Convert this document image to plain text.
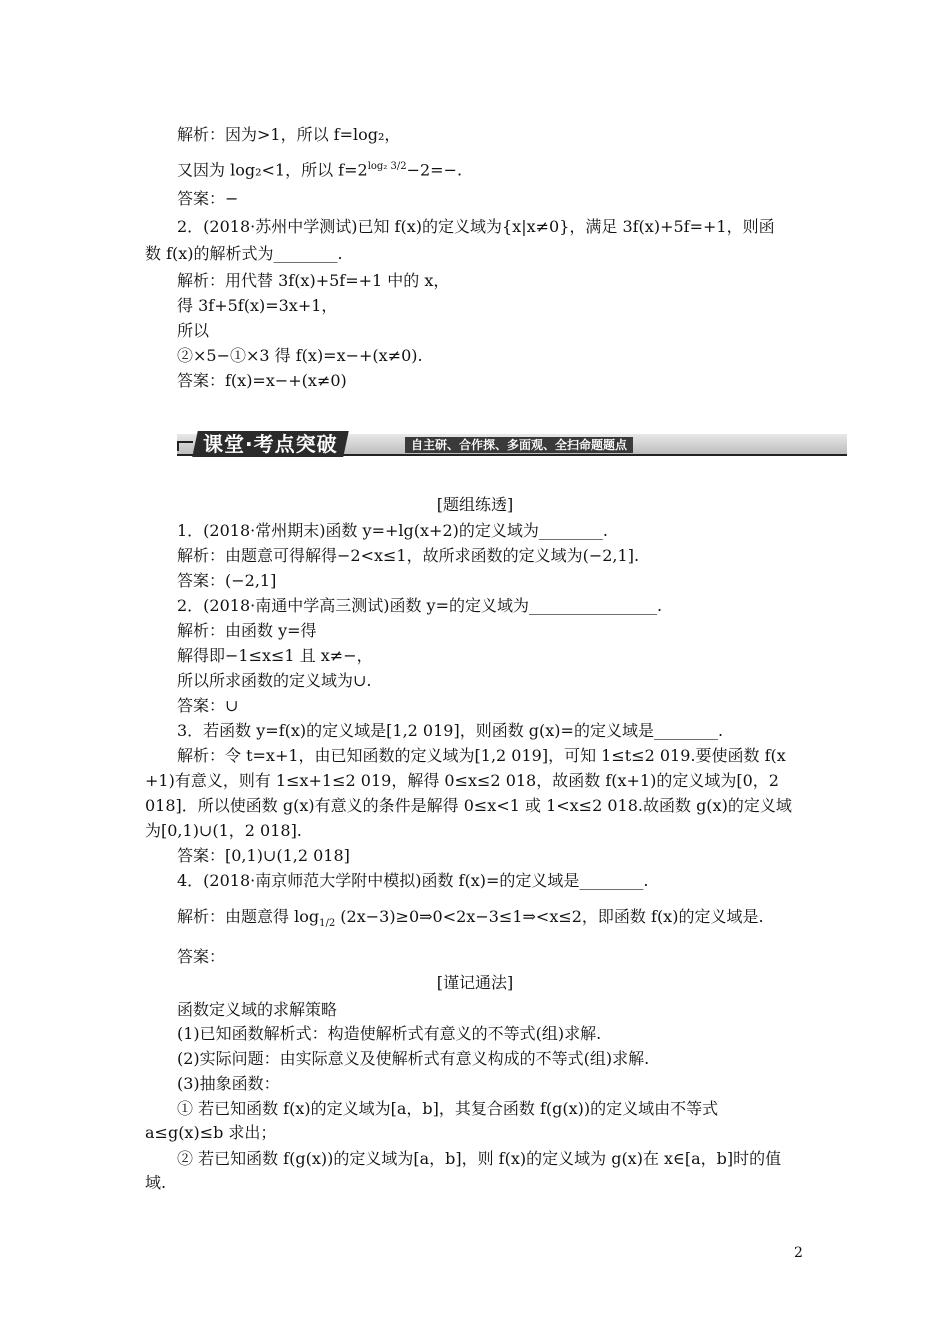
解析：因为>1，所以 f=log₂，
又因为 log₂<1，所以 $f=2^{log_2 3/2}-2=-$.
答案：−
2．(2018·苏州中学测试)已知 f(x)的定义域为{x|x≠0}，满足 3f(x)+5f=+1，则函
数 f(x)的解析式为________.
解析：用代替 3f(x)+5f=+1 中的 x，
得 3f+5f(x)=3x+1，
所以
②×5−①×3 得 f(x)=x−+(x≠0).
答案：f(x)=x−+(x≠0)
课堂·考点突破	自主研、合作探、多面观、全扫命题题点
[题组练透]
1．(2018·常州期末)函数 y=+lg(x+2)的定义域为________.
解析：由题意可得解得−2<x≤1，故所求函数的定义域为(−2,1].
答案：(−2,1]
2．(2018·南通中学高三测试)函数 y=的定义域为________________.
解析：由函数 y=得
解得即−1≤x≤1 且 x≠−，
所以所求函数的定义域为∪.
答案：∪
3．若函数 y=f(x)的定义域是[1,2 019]，则函数 g(x)=的定义域是________.
解析：令 t=x+1，由已知函数的定义域为[1,2 019]，可知 1≤t≤2 019.要使函数 f(x
+1)有意义，则有 1≤x+1≤2 019，解得 0≤x≤2 018，故函数 f(x+1)的定义域为[0，2
018]．所以使函数 g(x)有意义的条件是解得 0≤x<1 或 1<x≤2 018.故函数 g(x)的定义域
为[0,1)∪(1，2 018].
答案：[0,1)∪(1,2 018]
4．(2018·南京师范大学附中模拟)函数 f(x)=的定义域是________.
解析：由题意得 $\log_{1/2}$ (2x−3)≥0⇒0<2x−3≤1⇒<x≤2，即函数 f(x)的定义域是.
答案：
[谨记通法]
函数定义域的求解策略
(1)已知函数解析式：构造使解析式有意义的不等式(组)求解.
(2)实际问题：由实际意义及使解析式有意义构成的不等式(组)求解.
(3)抽象函数：
① 若已知函数 f(x)的定义域为[a，b]，其复合函数 f(g(x))的定义域由不等式
a≤g(x)≤b 求出；
② 若已知函数 f(g(x))的定义域为[a，b]，则 f(x)的定义域为 g(x)在 x∈[a，b]时的值
域.
2
